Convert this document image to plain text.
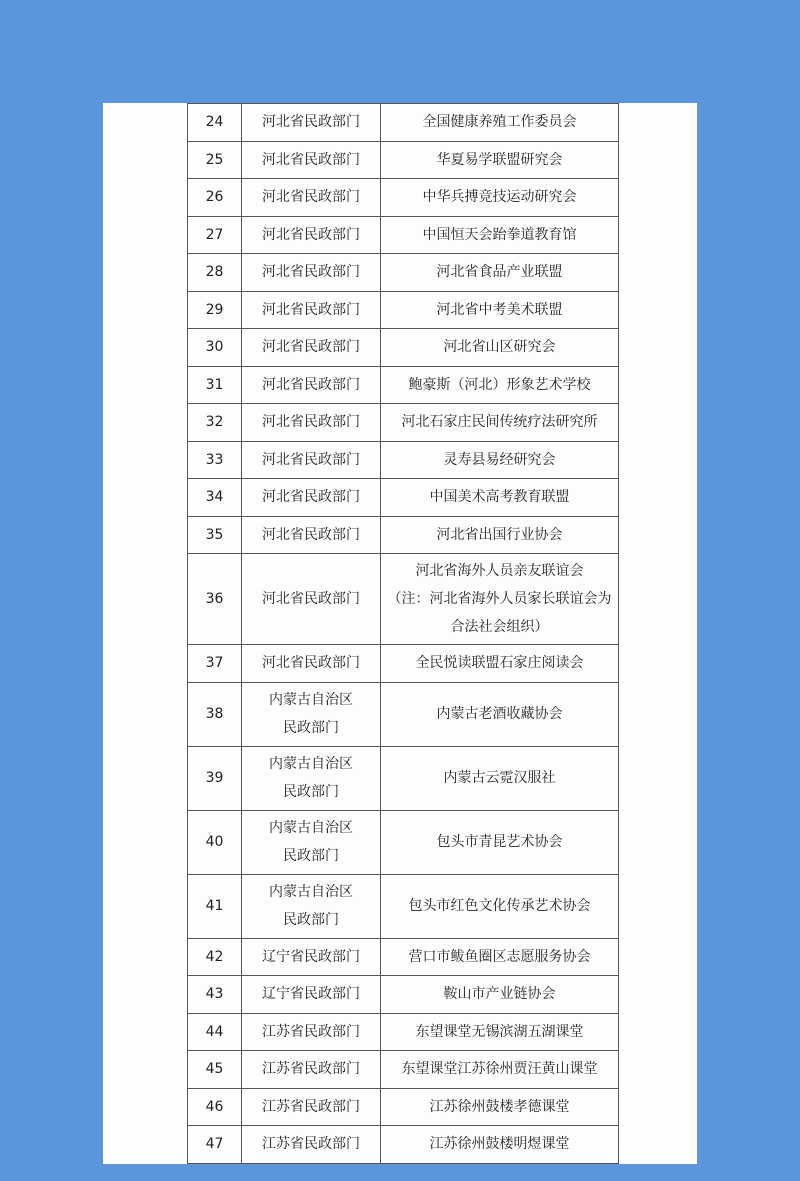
24	河北省民政部门	全国健康养殖工作委员会

25	河北省民政部门	华夏易学联盟研究会

26	河北省民政部门	中华兵搏竞技运动研究会

27	河北省民政部门	中国恒天会跆拳道教育馆

28	河北省民政部门	河北省食品产业联盟

29	河北省民政部门	河北省中考美术联盟

30	河北省民政部门	河北省山区研究会

31	河北省民政部门	鲍豪斯（河北）形象艺术学校

32	河北省民政部门	河北石家庄民间传统疗法研究所

33	河北省民政部门	灵寿县易经研究会

34	河北省民政部门	中国美术高考教育联盟

35	河北省民政部门	河北省出国行业协会

36	河北省民政部门	河北省海外人员亲友联谊会
（注：河北省海外人员家长联谊会为
合法社会组织）

37	河北省民政部门	全民悦读联盟石家庄阅读会

38	内蒙古自治区
民政部门	内蒙古老酒收藏协会

39	内蒙古自治区
民政部门	内蒙古云霓汉服社

40	内蒙古自治区
民政部门	包头市青昆艺术协会

41	内蒙古自治区
民政部门	包头市红色文化传承艺术协会

42	辽宁省民政部门	营口市鲅鱼圈区志愿服务协会

43	辽宁省民政部门	鞍山市产业链协会

44	江苏省民政部门	东望课堂无锡滨湖五湖课堂

45	江苏省民政部门	东望课堂江苏徐州贾汪黄山课堂

46	江苏省民政部门	江苏徐州鼓楼孝德课堂

47	江苏省民政部门	江苏徐州鼓楼明煜课堂
